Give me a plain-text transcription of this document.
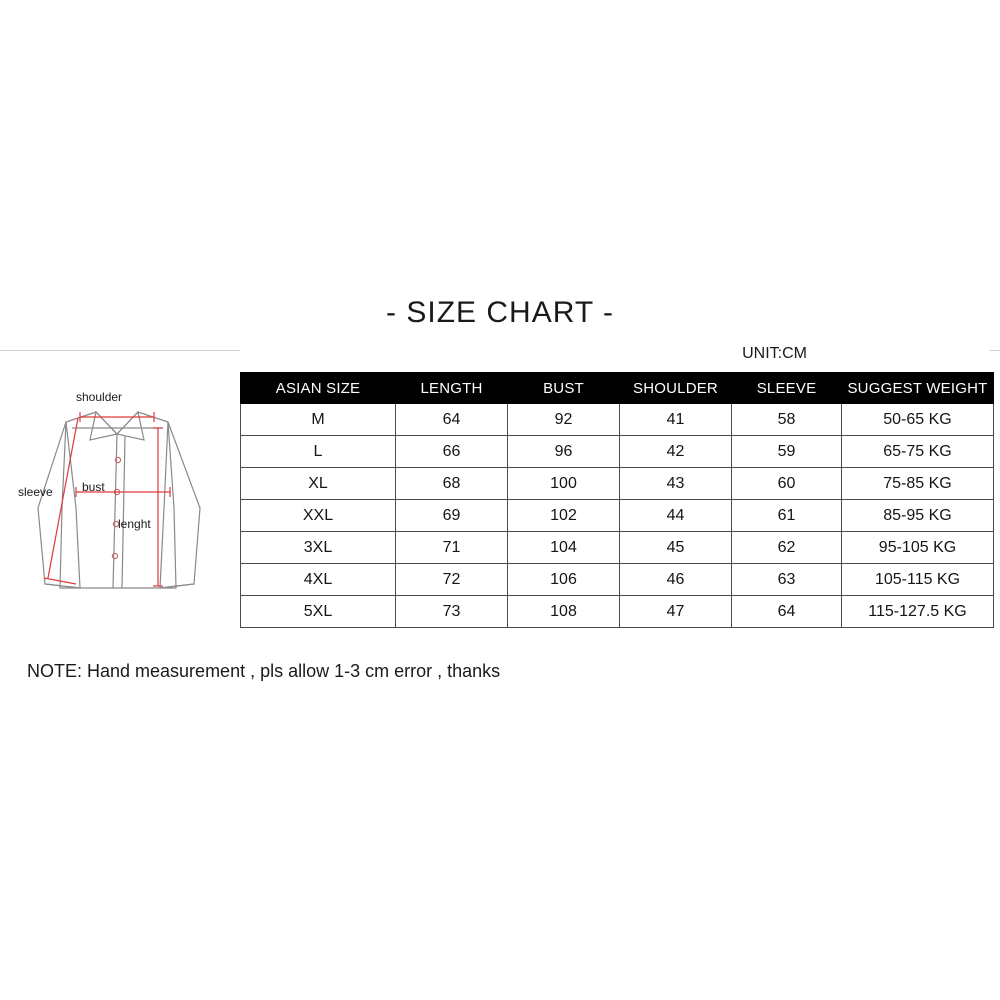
- SIZE CHART -
UNIT:CM
shoulder
sleeve bust
lenght
ASIAN SIZE	LENGTH	BUST	SHOULDER	SLEEVE	SUGGEST WEIGHT
M	64	92	41	58	50-65 KG
L	66	96	42	59	65-75 KG
XL	68	100	43	60	75-85 KG
XXL	69	102	44	61	85-95 KG
3XL	71	104	45	62	95-105 KG
4XL	72	106	46	63	105-115 KG
5XL	73	108	47	64	115-127.5 KG
NOTE: Hand measurement , pls allow 1-3 cm error , thanks
